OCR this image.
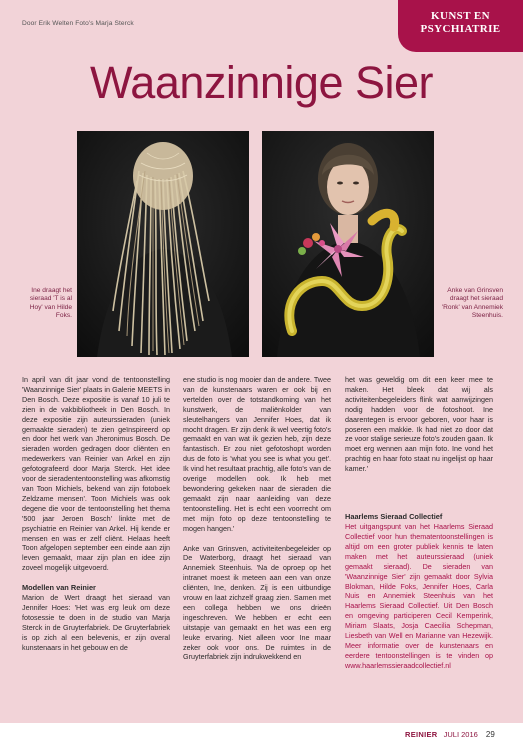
Door Erik Welten Foto's Marja Sterck
KUNST EN
PSYCHIATRIE
Waanzinnige Sier
Ine draagt het sieraad 'T is al Hoy' van Hilde Foks.
Anke van Grinsven draagt het sieraad 'Ronk' van Annemiek Steenhuis.

In april van dit jaar vond de tentoonstelling 'Waanzinnige Sier' plaats in Galerie MEETS in Den Bosch. Deze expositie is vanaf 10 juli te zien in de vakbibliotheek in Den Bosch. In deze expositie zijn auteurssieraden (uniek gemaakte sieraden) te zien geïnspireerd op en door het werk van Jheronimus Bosch. De sieraden worden gedragen door cliënten en medewerkers van Reinier van Arkel en zijn gefotografeerd door Marja Sterck. Het idee voor de sieradententoonstelling was afkomstig van Toon Michiels, bekend van zijn fotoboek Zeldzame mensen'. Toon Michiels was ook degene die voor de tentoonstelling het thema '500 jaar Jeroen Bosch' linkte met de psychiatrie en Reinier van Arkel. Hij kende er mensen en was er zelf cliënt. Helaas heeft Toon afgelopen september een einde aan zijn leven gemaakt, maar zijn plan en idee zijn zoveel mogelijk uitgevoerd.

Modellen van Reinier

Marion de Wert draagt het sieraad van Jennifer Hoes: 'Het was erg leuk om deze fotosessie te doen in de studio van Marja Sterck in de Gruyterfabriek. De Gruyterfabriek is op zich al een belevenis, er zijn overal kunstenaars in het gebouw en de

ene studio is nog mooier dan de andere. Twee van de kunstenaars waren er ook bij en vertelden over de totstandkoming van het kunstwerk, de maliënkolder van sleutelhangers van Jennifer Hoes, dat ik mocht dragen. Er zijn denk ik wel veertig foto's gemaakt en van wat ik gezien heb, zijn deze fantastisch. Er zou niet gefotoshopt worden dus de foto is 'what you see is what you get'. Ik vind het resultaat prachtig, alle foto's van de overige modellen ook. Ik heb met bewondering gekeken naar de sieraden die gemaakt zijn naar aanleiding van deze tentoonstelling. Het is echt een voorrecht om met mijn foto op deze tentoonstelling te mogen hangen.'

Anke van Grinsven, activiteitenbegeleider op De Waterborg, draagt het sieraad van Annemiek Steenhuis. 'Na de oproep op het intranet moest ik meteen aan een van onze cliënten, Ine, denken. Zij is een uitbundige vrouw en laat zichzelf graag zien. Samen met een collega hebben we ons drieën ingeschreven. We hebben er echt een uitstapje van gemaakt en het was een erg leuke ervaring. Niet alleen voor Ine maar zeker ook voor ons. De ruimtes in de Gruyterfabriek zijn indrukwekkend en

het was geweldig om dit een keer mee te maken. Het bleek dat wij als activiteitenbegeleiders flink wat aanwijzingen nodig hadden voor de fotoshoot. Ine daarentegen is ervoor geboren, voor haar is poseren een makkie. Ik had niet zo door dat ze voor stalige serieuze foto's zouden gaan. Ik moet erg wennen aan mijn foto. Ine vond het prachtig en haar foto staat nu ingelijst op haar kamer.'

Haarlems Sieraad Collectief

Het uitgangspunt van het Haarlems Sieraad Collectief voor hun thematentoonstellingen is altijd om een groter publiek kennis te laten maken met het auteurssieraad (uniek gemaakt sieraad). De sieraden van 'Waanzinnige Sier' zijn gemaakt door Sylvia Blokman, Hilde Foks, Jennifer Hoes, Carla Nuis en Annemiek Steenhuis van het Haarlems Sieraad Collectief. Uit Den Bosch en omgeving participeren Cecil Kemperink, Miriam Slaats, Josja Caecilia Schepman, Liesbeth van Well en Marianne van Hezewijk. Meer informatie over de kunstenaars en eerdere tentoonstellingen is te vinden op www.haarlemssieraadcollectief.nl

REINIER JULI 2016 29
